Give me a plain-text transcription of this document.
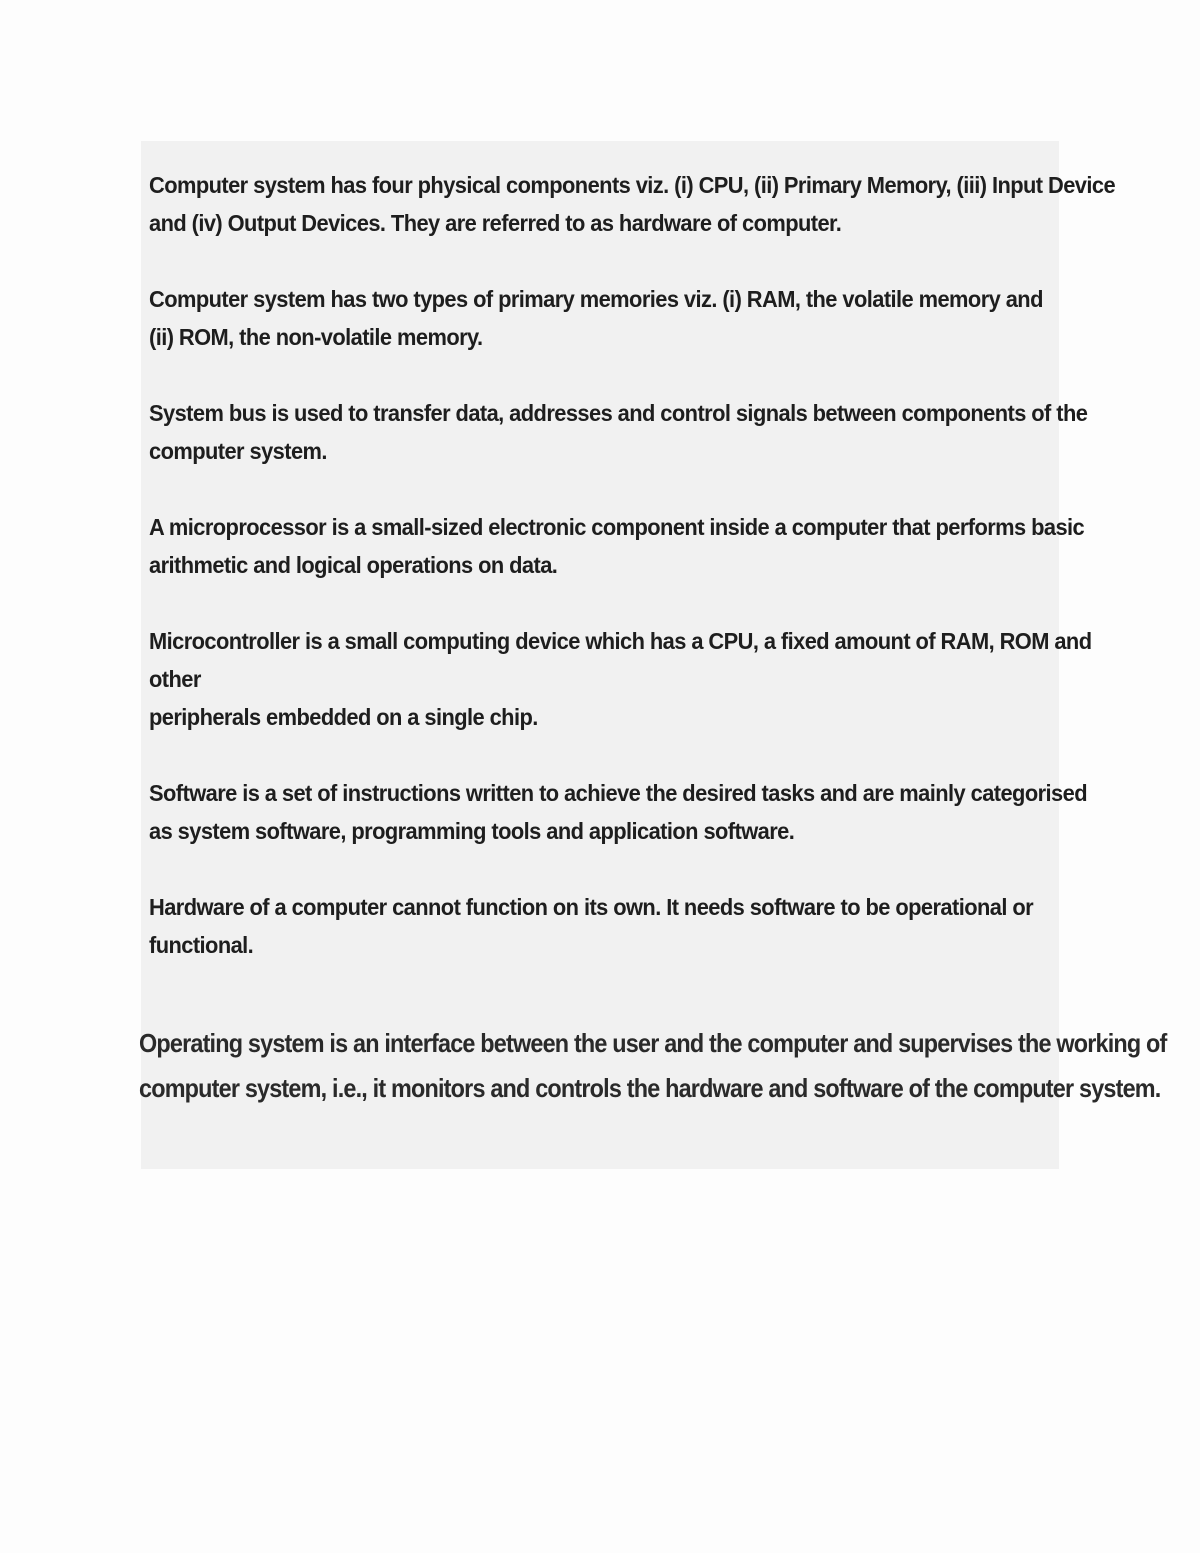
Computer system has four physical components viz. (i) CPU, (ii) Primary Memory, (iii) Input Device
and (iv) Output Devices. They are referred to as hardware of computer.

Computer system has two types of primary memories viz. (i) RAM, the volatile memory and
(ii) ROM, the non-volatile memory.

System bus is used to transfer data, addresses and control signals between components of the
computer system.

A microprocessor is a small-sized electronic component inside a computer that performs basic
arithmetic and logical operations on data.

Microcontroller is a small computing device which has a CPU, a fixed amount of RAM, ROM and
other
peripherals embedded on a single chip.

Software is a set of instructions written to achieve the desired tasks and are mainly categorised
as system software, programming tools and application software.

Hardware of a computer cannot function on its own. It needs software to be operational or
functional.

Operating system is an interface between the user and the computer and supervises the working of
computer system, i.e., it monitors and controls the hardware and software of the computer system.
